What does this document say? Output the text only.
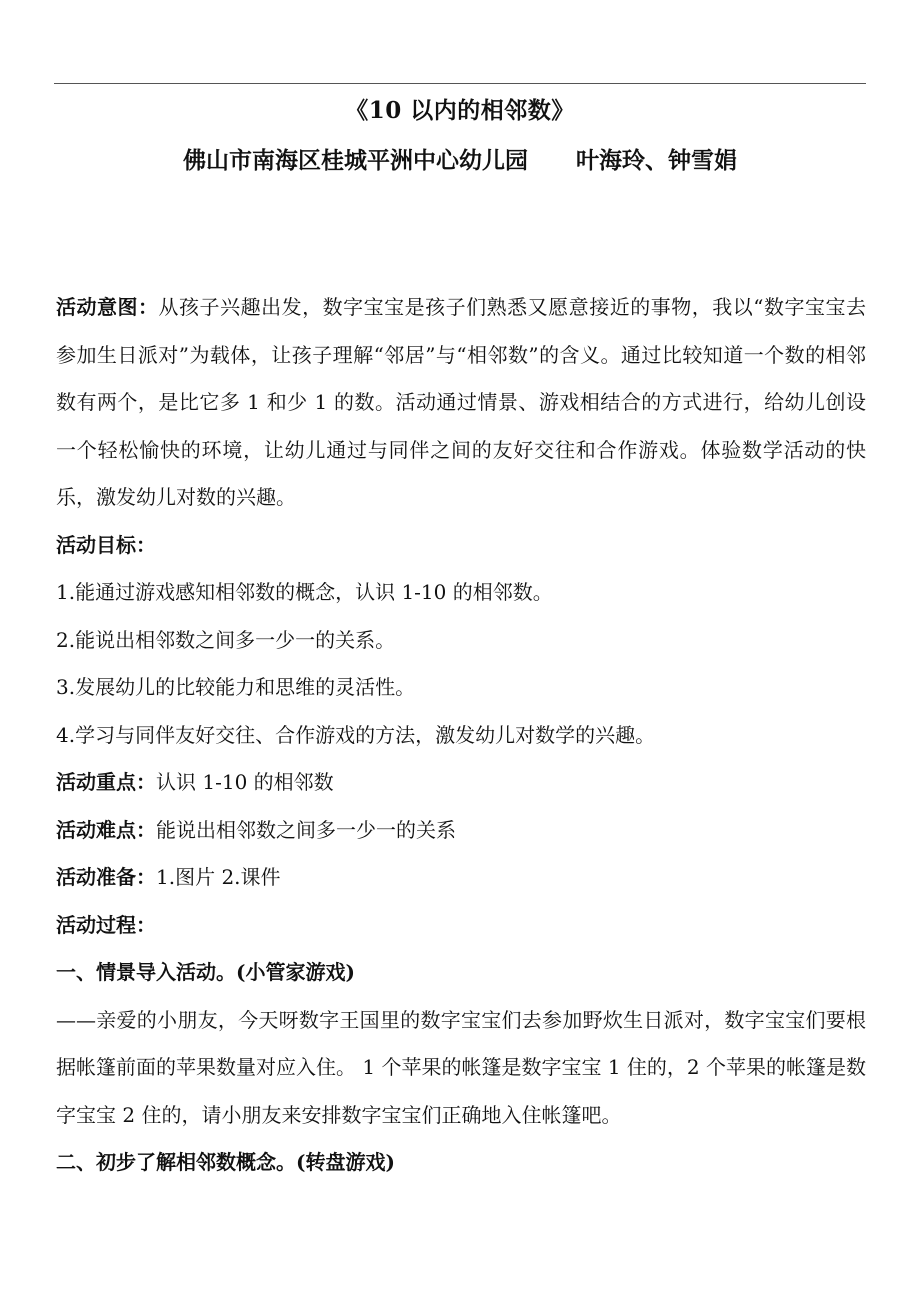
《10 以内的相邻数》
佛山市南海区桂城平洲中心幼儿园      叶海玲、钟雪娟

活动意图：从孩子兴趣出发，数字宝宝是孩子们熟悉又愿意接近的事物，我以“数字宝宝去参加生日派对”为载体，让孩子理解“邻居”与“相邻数”的含义。通过比较知道一个数的相邻数有两个，是比它多 1 和少 1 的数。活动通过情景、游戏相结合的方式进行，给幼儿创设一个轻松愉快的环境，让幼儿通过与同伴之间的友好交往和合作游戏。体验数学活动的快乐，激发幼儿对数的兴趣。

活动目标：

1.能通过游戏感知相邻数的概念，认识 1-10 的相邻数。

2.能说出相邻数之间多一少一的关系。

3.发展幼儿的比较能力和思维的灵活性。

4.学习与同伴友好交往、合作游戏的方法，激发幼儿对数学的兴趣。

活动重点：认识 1-10 的相邻数

活动难点：能说出相邻数之间多一少一的关系

活动准备：1.图片 2.课件

活动过程：

一、情景导入活动。(小管家游戏)

——亲爱的小朋友，今天呀数字王国里的数字宝宝们去参加野炊生日派对，数字宝宝们要根据帐篷前面的苹果数量对应入住。 1 个苹果的帐篷是数字宝宝 1 住的，2 个苹果的帐篷是数字宝宝 2 住的，请小朋友来安排数字宝宝们正确地入住帐篷吧。

二、初步了解相邻数概念。(转盘游戏)
